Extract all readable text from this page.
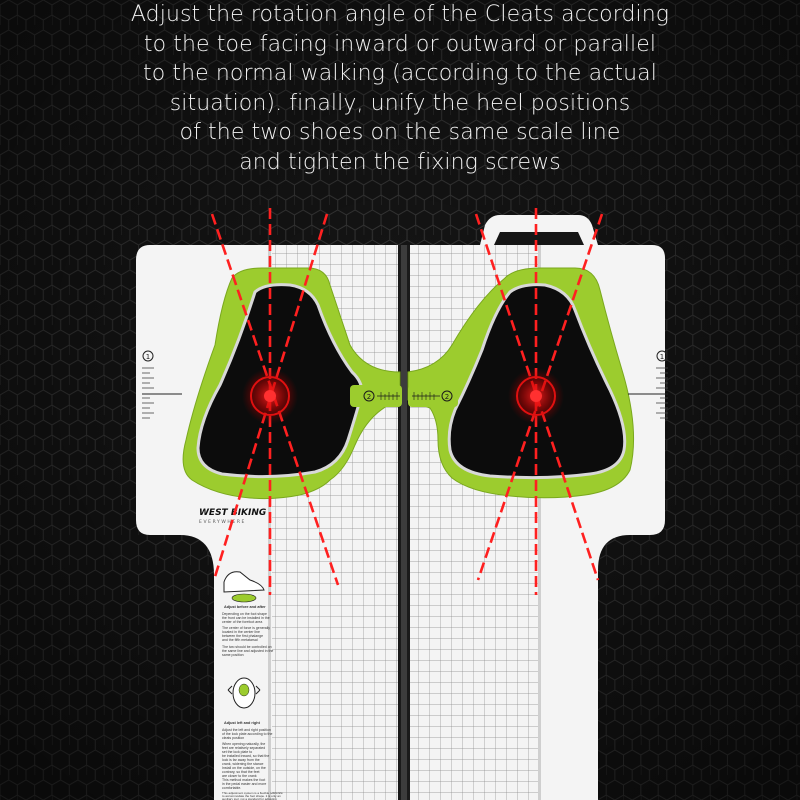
Adjust the rotation angle of the Cleats according
to the toe facing inward or outward or parallel
to the normal walking (according to the actual
situation). finally, unify the heel positions
of the two shoes on the same scale line
and tighten the fixing screws
2	2
1	1
WEST BIKING
EVERYWHERE
Adjust before and after
Depending on the foot shape
the front can be installed in the
center of the forefoot area
The center of force is generally
located in the center line
between the first phalange
and the fifth metatarsal
The two should be controlled on
the same line and adjusted in the
same position
Adjust left and right
Adjust the left and right position
of the lock plate according to the
cleats position
When opening naturally, the
feet are relatively separated
set the lock plate to
be installed inward, so that the
lock is far away from the
crank, widening the stance
Install on the outside, on the
contrary, so that the feet
are closer to the crank
This method makes the foot
in the pedal easier and more
comfortable.
This adjustment system is a flexible reference
to accommodate the foot shape. it is only an
auxiliary tool, not a standard for adjusting
